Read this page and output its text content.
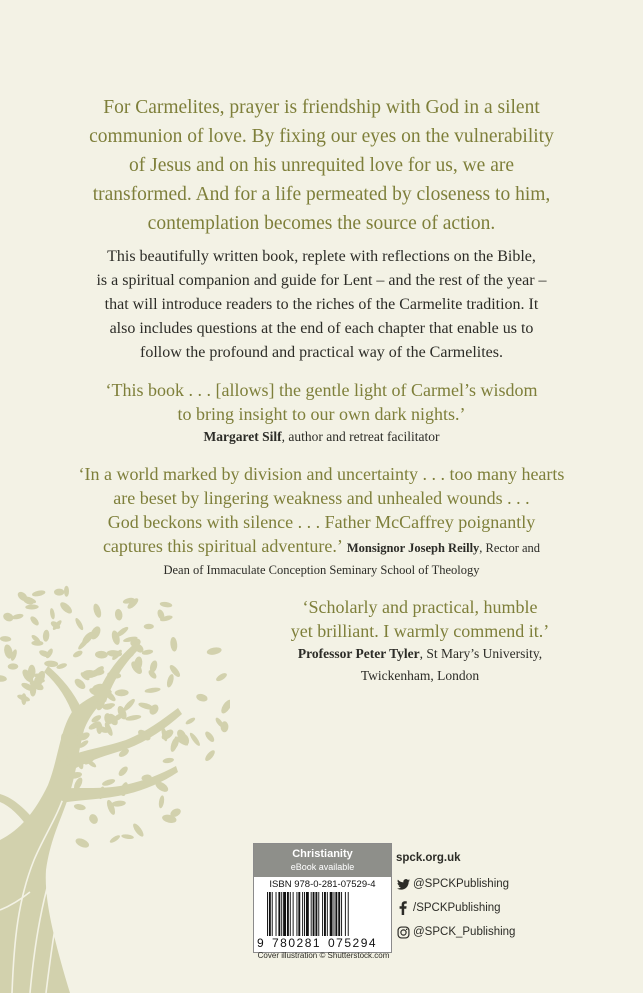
For Carmelites, prayer is friendship with God in a silent
communion of love. By fixing our eyes on the vulnerability
of Jesus and on his unrequited love for us, we are
transformed. And for a life permeated by closeness to him,
contemplation becomes the source of action.
This beautifully written book, replete with reflections on the Bible,
is a spiritual companion and guide for Lent – and the rest of the year –
that will introduce readers to the riches of the Carmelite tradition. It
also includes questions at the end of each chapter that enable us to
follow the profound and practical way of the Carmelites.
‘This book . . . [allows] the gentle light of Carmel’s wisdom
to bring insight to our own dark nights.’
Margaret Silf, author and retreat facilitator
‘In a world marked by division and uncertainty . . . too many hearts
are beset by lingering weakness and unhealed wounds . . .
God beckons with silence . . . Father McCaffrey poignantly
captures this spiritual adventure.’ Monsignor Joseph Reilly, Rector and
Dean of Immaculate Conception Seminary School of Theology
‘Scholarly and practical, humble
yet brilliant. I warmly commend it.’
Professor Peter Tyler, St Mary’s University,
Twickenham, London
Christianity
eBook available
ISBN 978-0-281-07529-4
9 780281 075294
Cover illustration © Shutterstock.com
spck.org.uk
@SPCKPublishing
/SPCKPublishing
@SPCK_Publishing
